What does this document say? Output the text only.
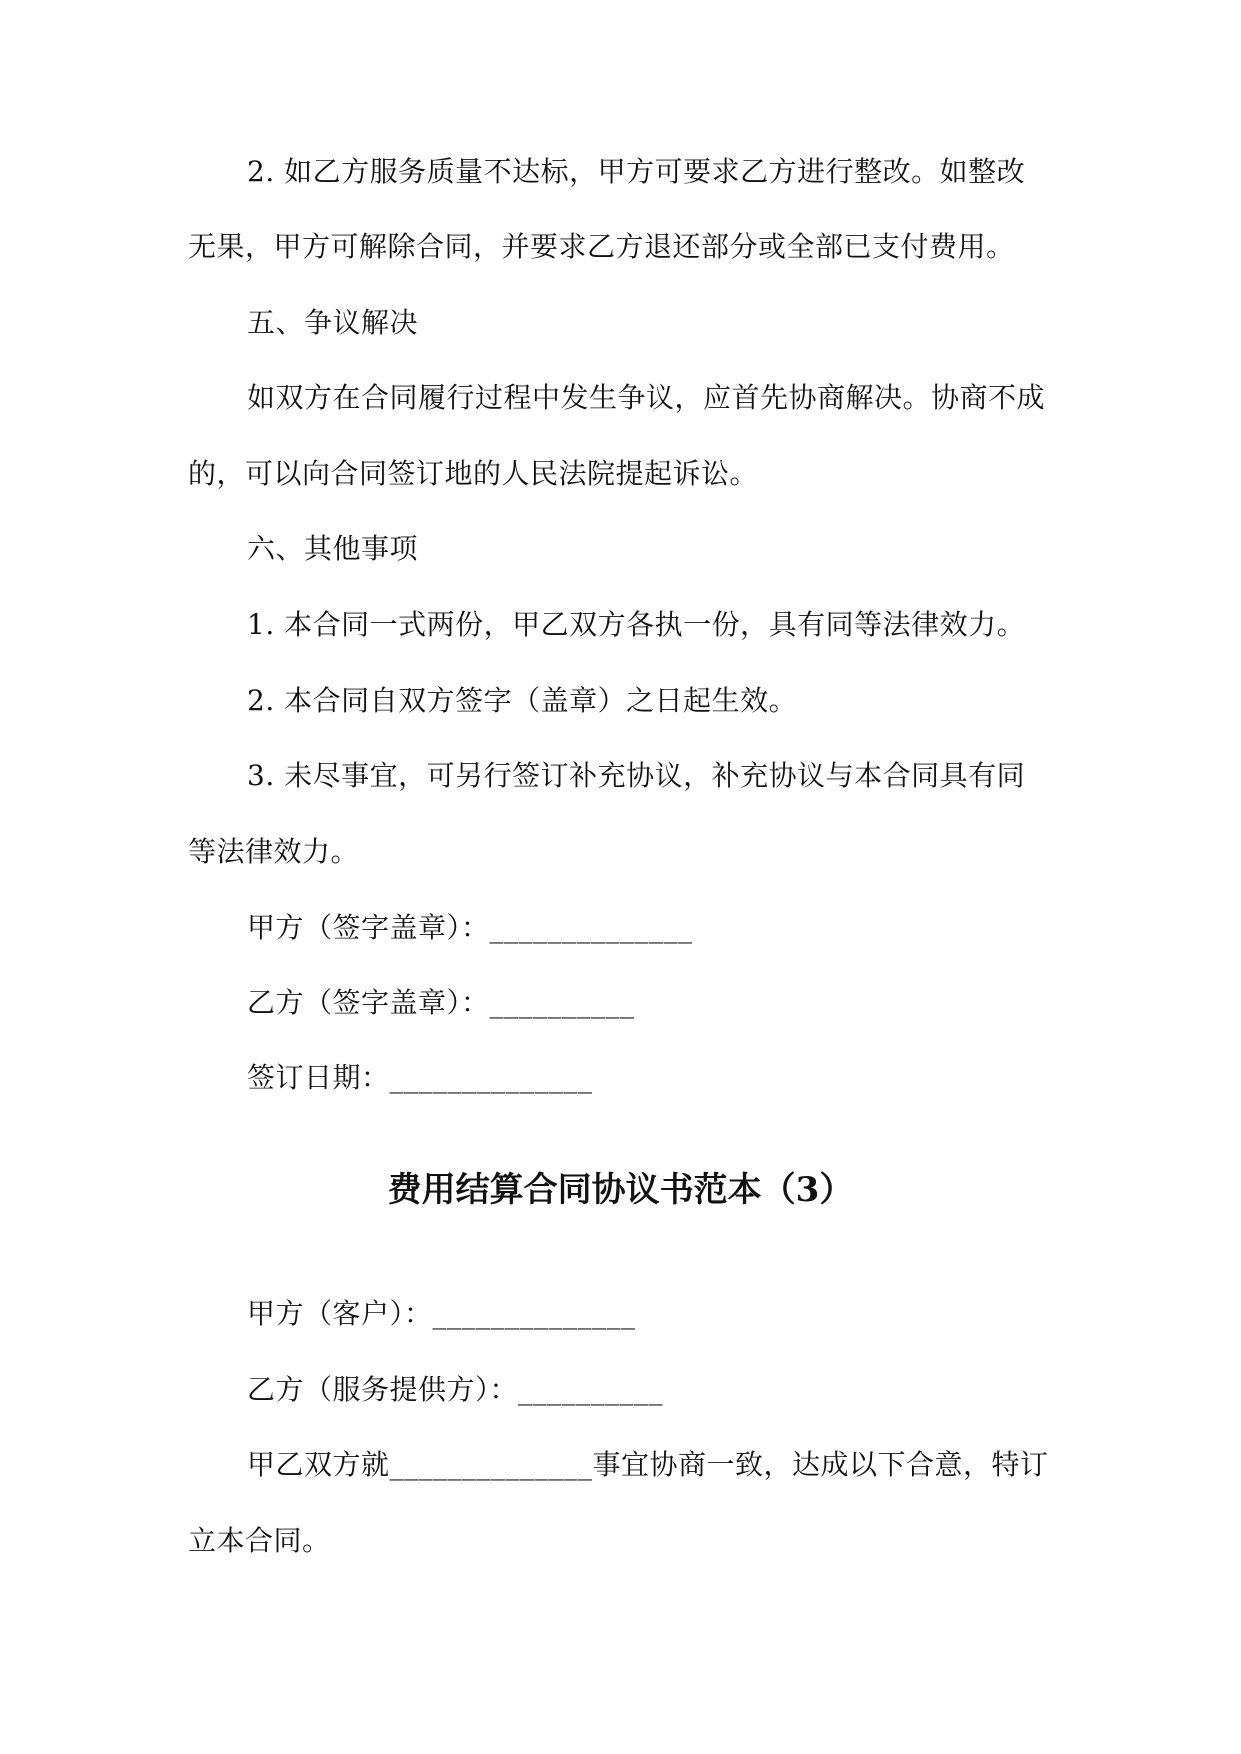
2. 如乙方服务质量不达标，甲方可要求乙方进行整改。如整改
无果，甲方可解除合同，并要求乙方退还部分或全部已支付费用。
五、争议解决
如双方在合同履行过程中发生争议，应首先协商解决。协商不成
的，可以向合同签订地的人民法院提起诉讼。
六、其他事项
1. 本合同一式两份，甲乙双方各执一份，具有同等法律效力。
2. 本合同自双方签字（盖章）之日起生效。
3. 未尽事宜，可另行签订补充协议，补充协议与本合同具有同
等法律效力。
甲方（签字盖章）：______________
乙方（签字盖章）：__________
签订日期：______________
费用结算合同协议书范本（3）
甲方（客户）：______________
乙方（服务提供方）：__________
甲乙双方就______________事宜协商一致，达成以下合意，特订
立本合同。
